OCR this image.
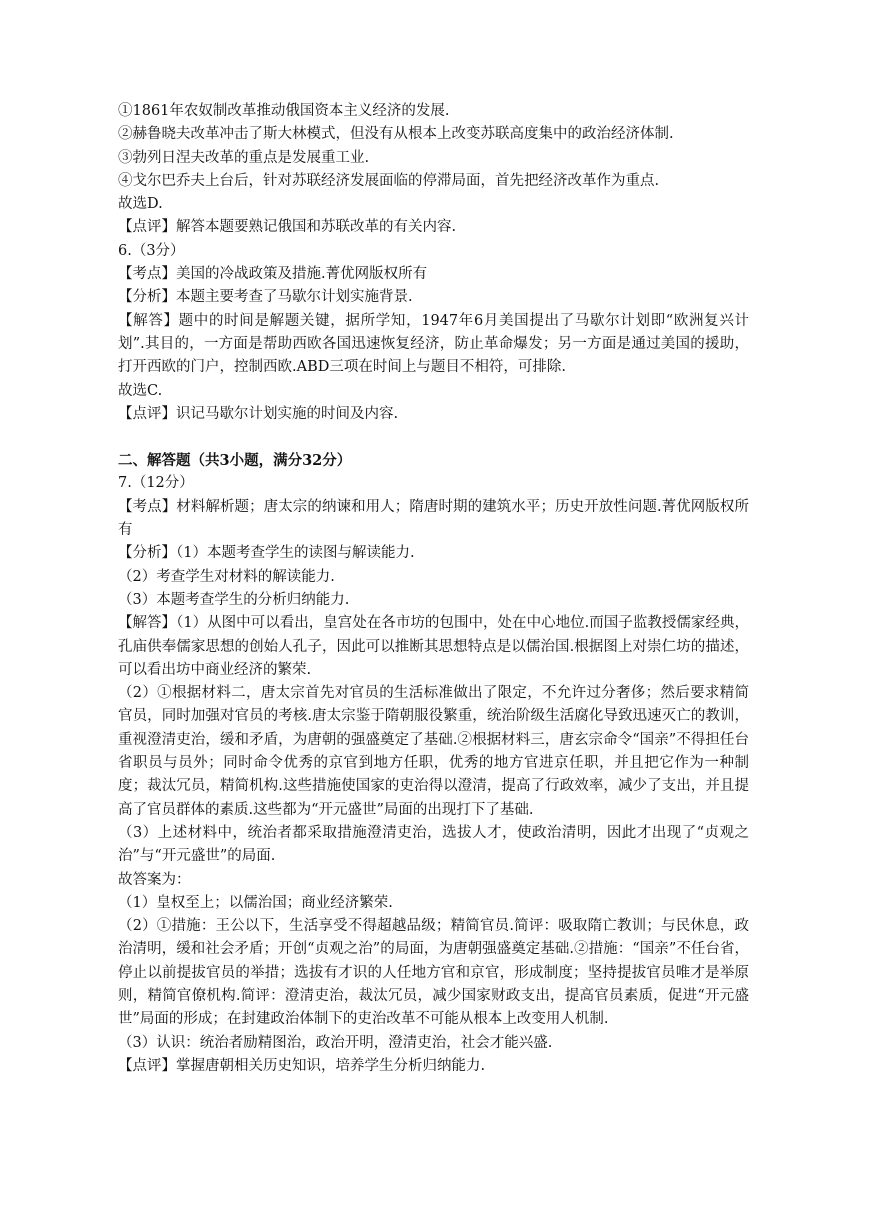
①1861年农奴制改革推动俄国资本主义经济的发展.
②赫鲁晓夫改革冲击了斯大林模式，但没有从根本上改变苏联高度集中的政治经济体制.
③勃列日涅夫改革的重点是发展重工业.
④戈尔巴乔夫上台后，针对苏联经济发展面临的停滞局面，首先把经济改革作为重点.
故选D.
【点评】解答本题要熟记俄国和苏联改革的有关内容.
6.（3分）
【考点】美国的冷战政策及措施.菁优网版权所有
【分析】本题主要考查了马歇尔计划实施背景.
【解答】题中的时间是解题关键，据所学知，1947年6月美国提出了马歇尔计划即“欧洲复兴计划”.其目的，一方面是帮助西欧各国迅速恢复经济，防止革命爆发；另一方面是通过美国的援助，打开西欧的门户，控制西欧.ABD三项在时间上与题目不相符，可排除.
故选C.
【点评】识记马歇尔计划实施的时间及内容.
二、解答题（共3小题，满分32分）
7.（12分）
【考点】材料解析题；唐太宗的纳谏和用人；隋唐时期的建筑水平；历史开放性问题.菁优网版权所有
【分析】（1）本题考查学生的读图与解读能力.
（2）考查学生对材料的解读能力.
（3）本题考查学生的分析归纳能力.
【解答】（1）从图中可以看出，皇宫处在各市坊的包围中，处在中心地位.而国子监教授儒家经典，孔庙供奉儒家思想的创始人孔子，因此可以推断其思想特点是以儒治国.根据图上对崇仁坊的描述，可以看出坊中商业经济的繁荣.
（2）①根据材料二，唐太宗首先对官员的生活标准做出了限定，不允许过分奢侈；然后要求精简官员，同时加强对官员的考核.唐太宗鉴于隋朝服役繁重，统治阶级生活腐化导致迅速灭亡的教训，重视澄清吏治，缓和矛盾，为唐朝的强盛奠定了基础.②根据材料三，唐玄宗命令“国亲”不得担任台省职员与员外；同时命令优秀的京官到地方任职，优秀的地方官进京任职，并且把它作为一种制度；裁汰冗员，精简机构.这些措施使国家的吏治得以澄清，提高了行政效率，减少了支出，并且提高了官员群体的素质.这些都为“开元盛世”局面的出现打下了基础.
（3）上述材料中，统治者都采取措施澄清吏治，选拔人才，使政治清明，因此才出现了“贞观之治”与“开元盛世”的局面.
故答案为：
（1）皇权至上；以儒治国；商业经济繁荣.
（2）①措施：王公以下，生活享受不得超越品级；精简官员.简评：吸取隋亡教训；与民休息，政治清明，缓和社会矛盾；开创“贞观之治”的局面，为唐朝强盛奠定基础.②措施：“国亲”不任台省，停止以前提拔官员的举措；选拔有才识的人任地方官和京官，形成制度；坚持提拔官员唯才是举原则，精简官僚机构.简评：澄清吏治，裁汰冗员，减少国家财政支出，提高官员素质，促进“开元盛世”局面的形成；在封建政治体制下的吏治改革不可能从根本上改变用人机制.
（3）认识：统治者励精图治，政治开明，澄清吏治，社会才能兴盛.
【点评】掌握唐朝相关历史知识，培养学生分析归纳能力.
